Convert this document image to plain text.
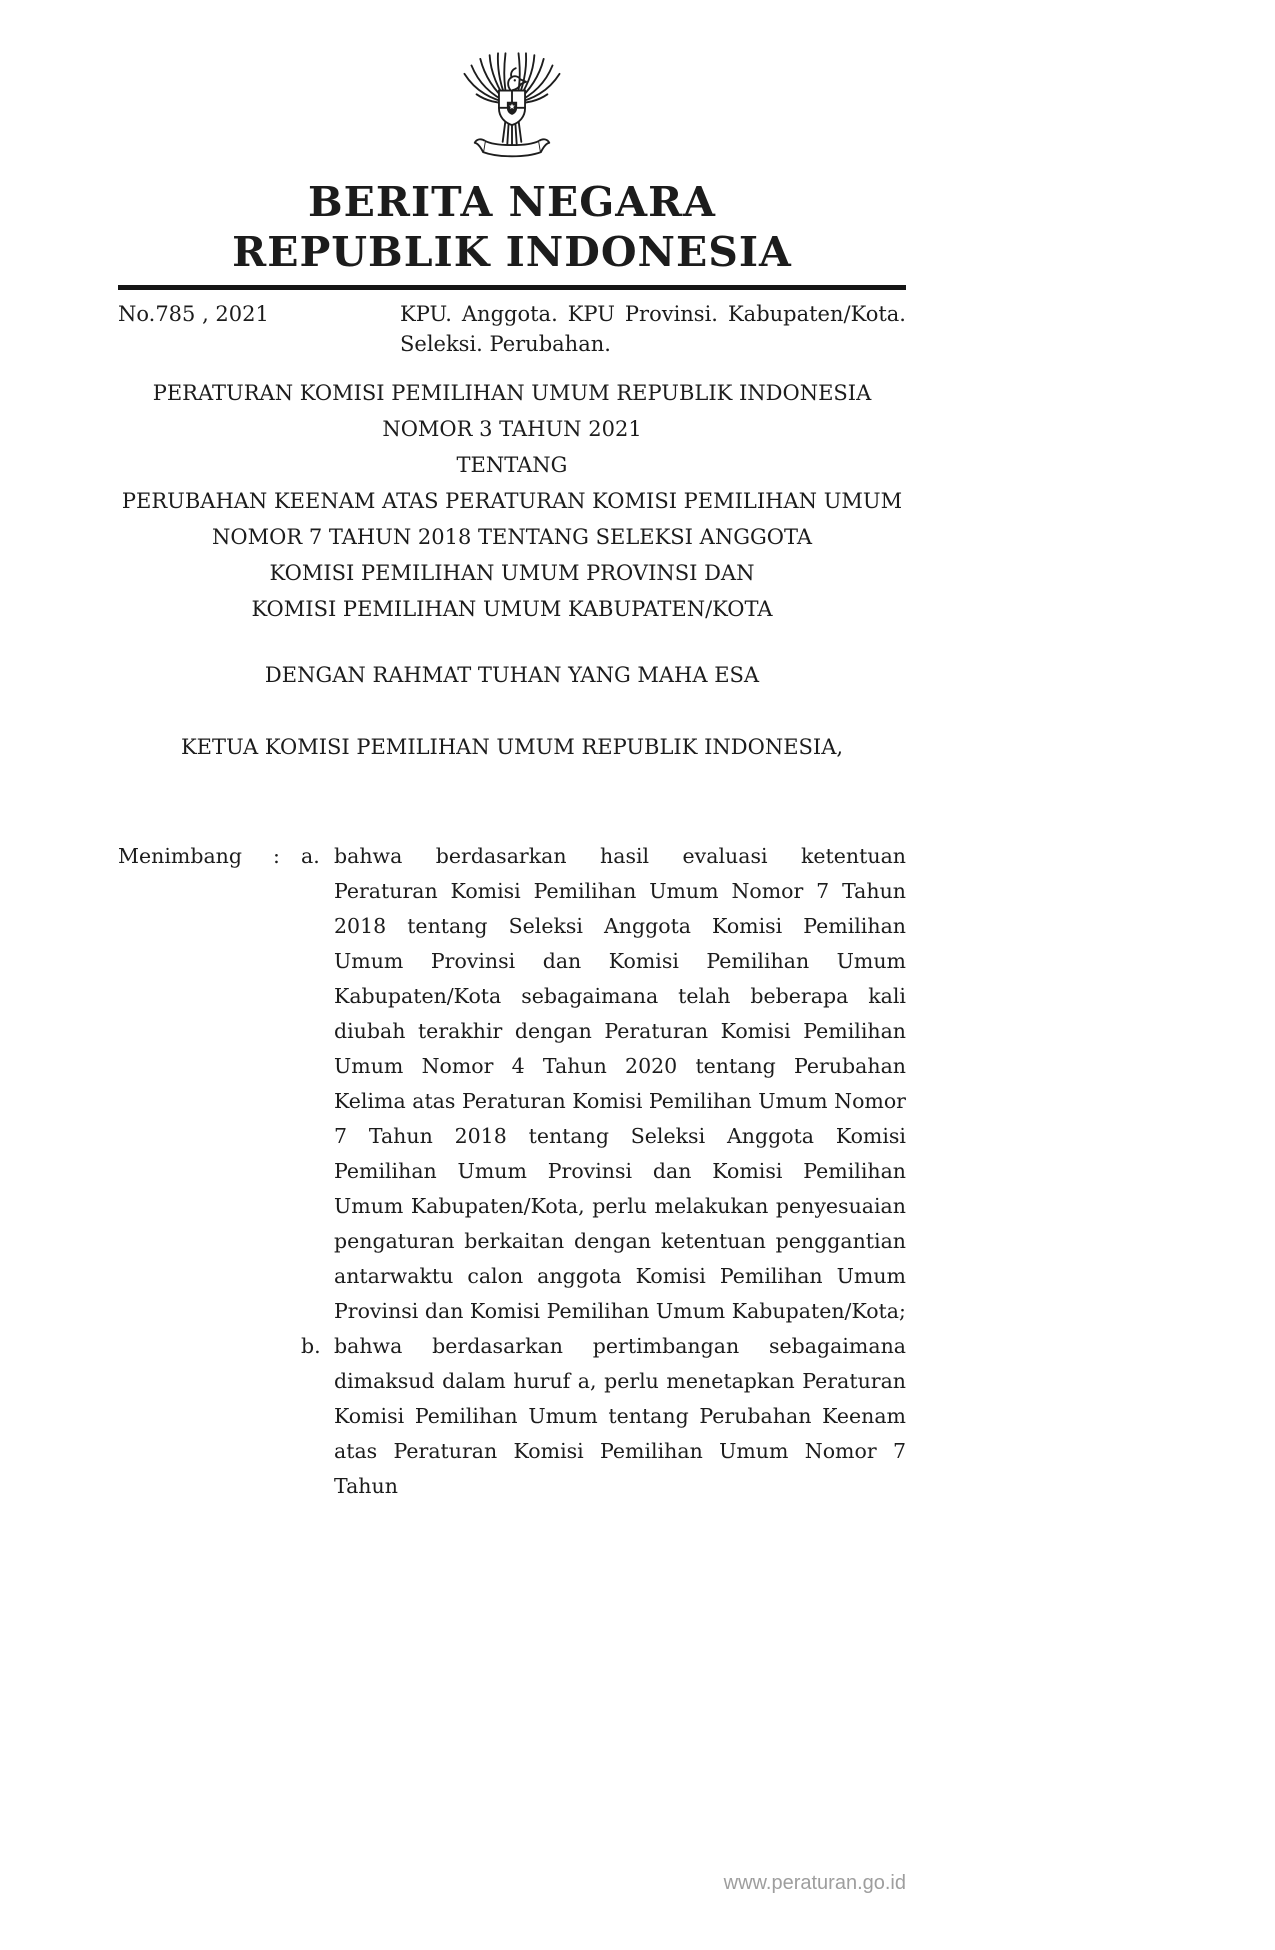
BERITA NEGARA
REPUBLIK INDONESIA
No.785 , 2021	KPU. Anggota. KPU Provinsi. Kabupaten/Kota. Seleksi. Perubahan.
PERATURAN KOMISI PEMILIHAN UMUM REPUBLIK INDONESIA
NOMOR 3 TAHUN 2021
TENTANG
PERUBAHAN KEENAM ATAS PERATURAN KOMISI PEMILIHAN UMUM
NOMOR 7 TAHUN 2018 TENTANG SELEKSI ANGGOTA
KOMISI PEMILIHAN UMUM PROVINSI DAN
KOMISI PEMILIHAN UMUM KABUPATEN/KOTA
DENGAN RAHMAT TUHAN YANG MAHA ESA
KETUA KOMISI PEMILIHAN UMUM REPUBLIK INDONESIA,
Menimbang	:	a. bahwa berdasarkan hasil evaluasi ketentuan Peraturan Komisi Pemilihan Umum Nomor 7 Tahun 2018 tentang Seleksi Anggota Komisi Pemilihan Umum Provinsi dan Komisi Pemilihan Umum Kabupaten/Kota sebagaimana telah beberapa kali diubah terakhir dengan Peraturan Komisi Pemilihan Umum Nomor 4 Tahun 2020 tentang Perubahan Kelima atas Peraturan Komisi Pemilihan Umum Nomor 7 Tahun 2018 tentang Seleksi Anggota Komisi Pemilihan Umum Provinsi dan Komisi Pemilihan Umum Kabupaten/Kota, perlu melakukan penyesuaian pengaturan berkaitan dengan ketentuan penggantian antarwaktu calon anggota Komisi Pemilihan Umum Provinsi dan Komisi Pemilihan Umum Kabupaten/Kota;
b. bahwa berdasarkan pertimbangan sebagaimana dimaksud dalam huruf a, perlu menetapkan Peraturan Komisi Pemilihan Umum tentang Perubahan Keenam atas Peraturan Komisi Pemilihan Umum Nomor 7 Tahun
www.peraturan.go.id
